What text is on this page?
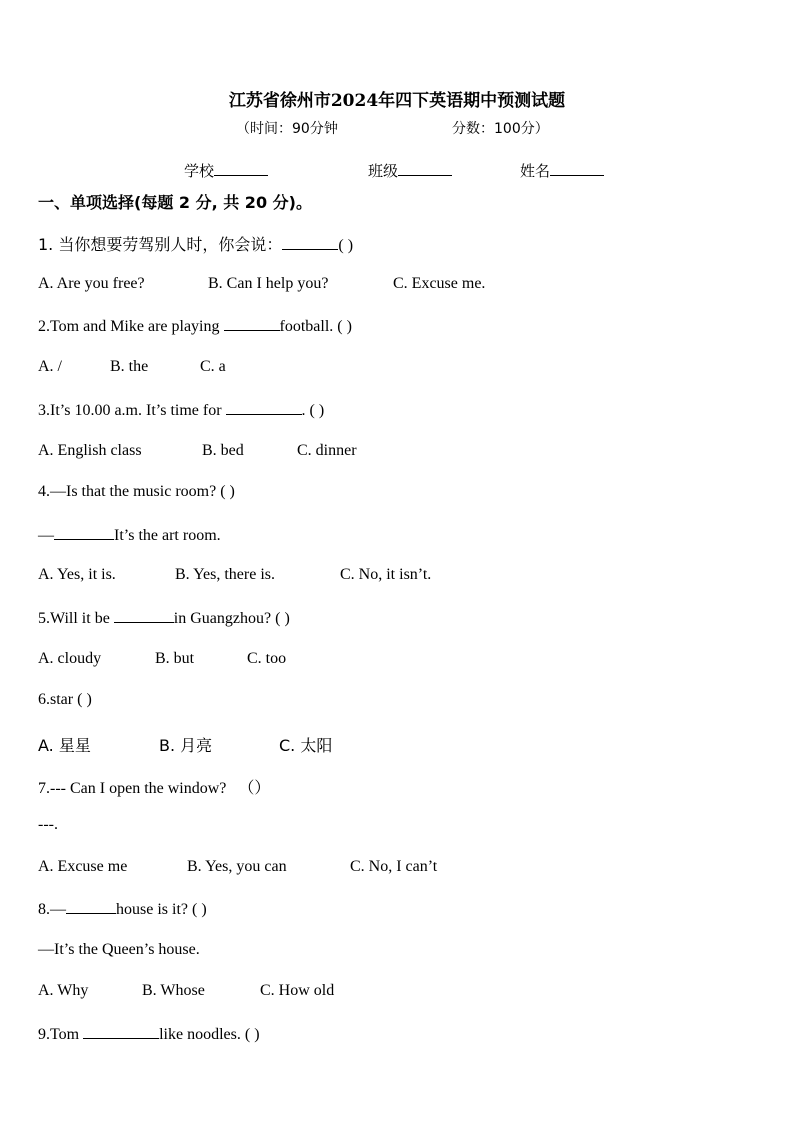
江苏省徐州市2024年四下英语期中预测试题
（时间：90分钟	分数：100分）
学校	班级	姓名
一、单项选择(每题 2 分, 共 20 分)。
1. 当你想要劳驾别人时，你会说：	( )
A. Are you free?	B. Can I help you?	C. Excuse me.
2.Tom and Mike are playing	football. ( )
A. /	B. the	C. a
3.It’s 10.00 a.m. It’s time for	. ( )
A. English class	B. bed	C. dinner
4.—Is that the music room? ( )
—	It’s the art room.
A. Yes, it is.	B. Yes, there is.	C. No, it isn’t.
5.Will it be	in Guangzhou? ( )
A. cloudy	B. but	C. too
6.star ( )
A. 星星	B. 月亮	C. 太阳
7.--- Can I open the window? （）
---.
A. Excuse me	B. Yes, you can	C. No, I can’t
8.—	house is it? ( )
—It’s the Queen’s house.
A. Why	B. Whose	C. How old
9.Tom	like noodles. ( )
